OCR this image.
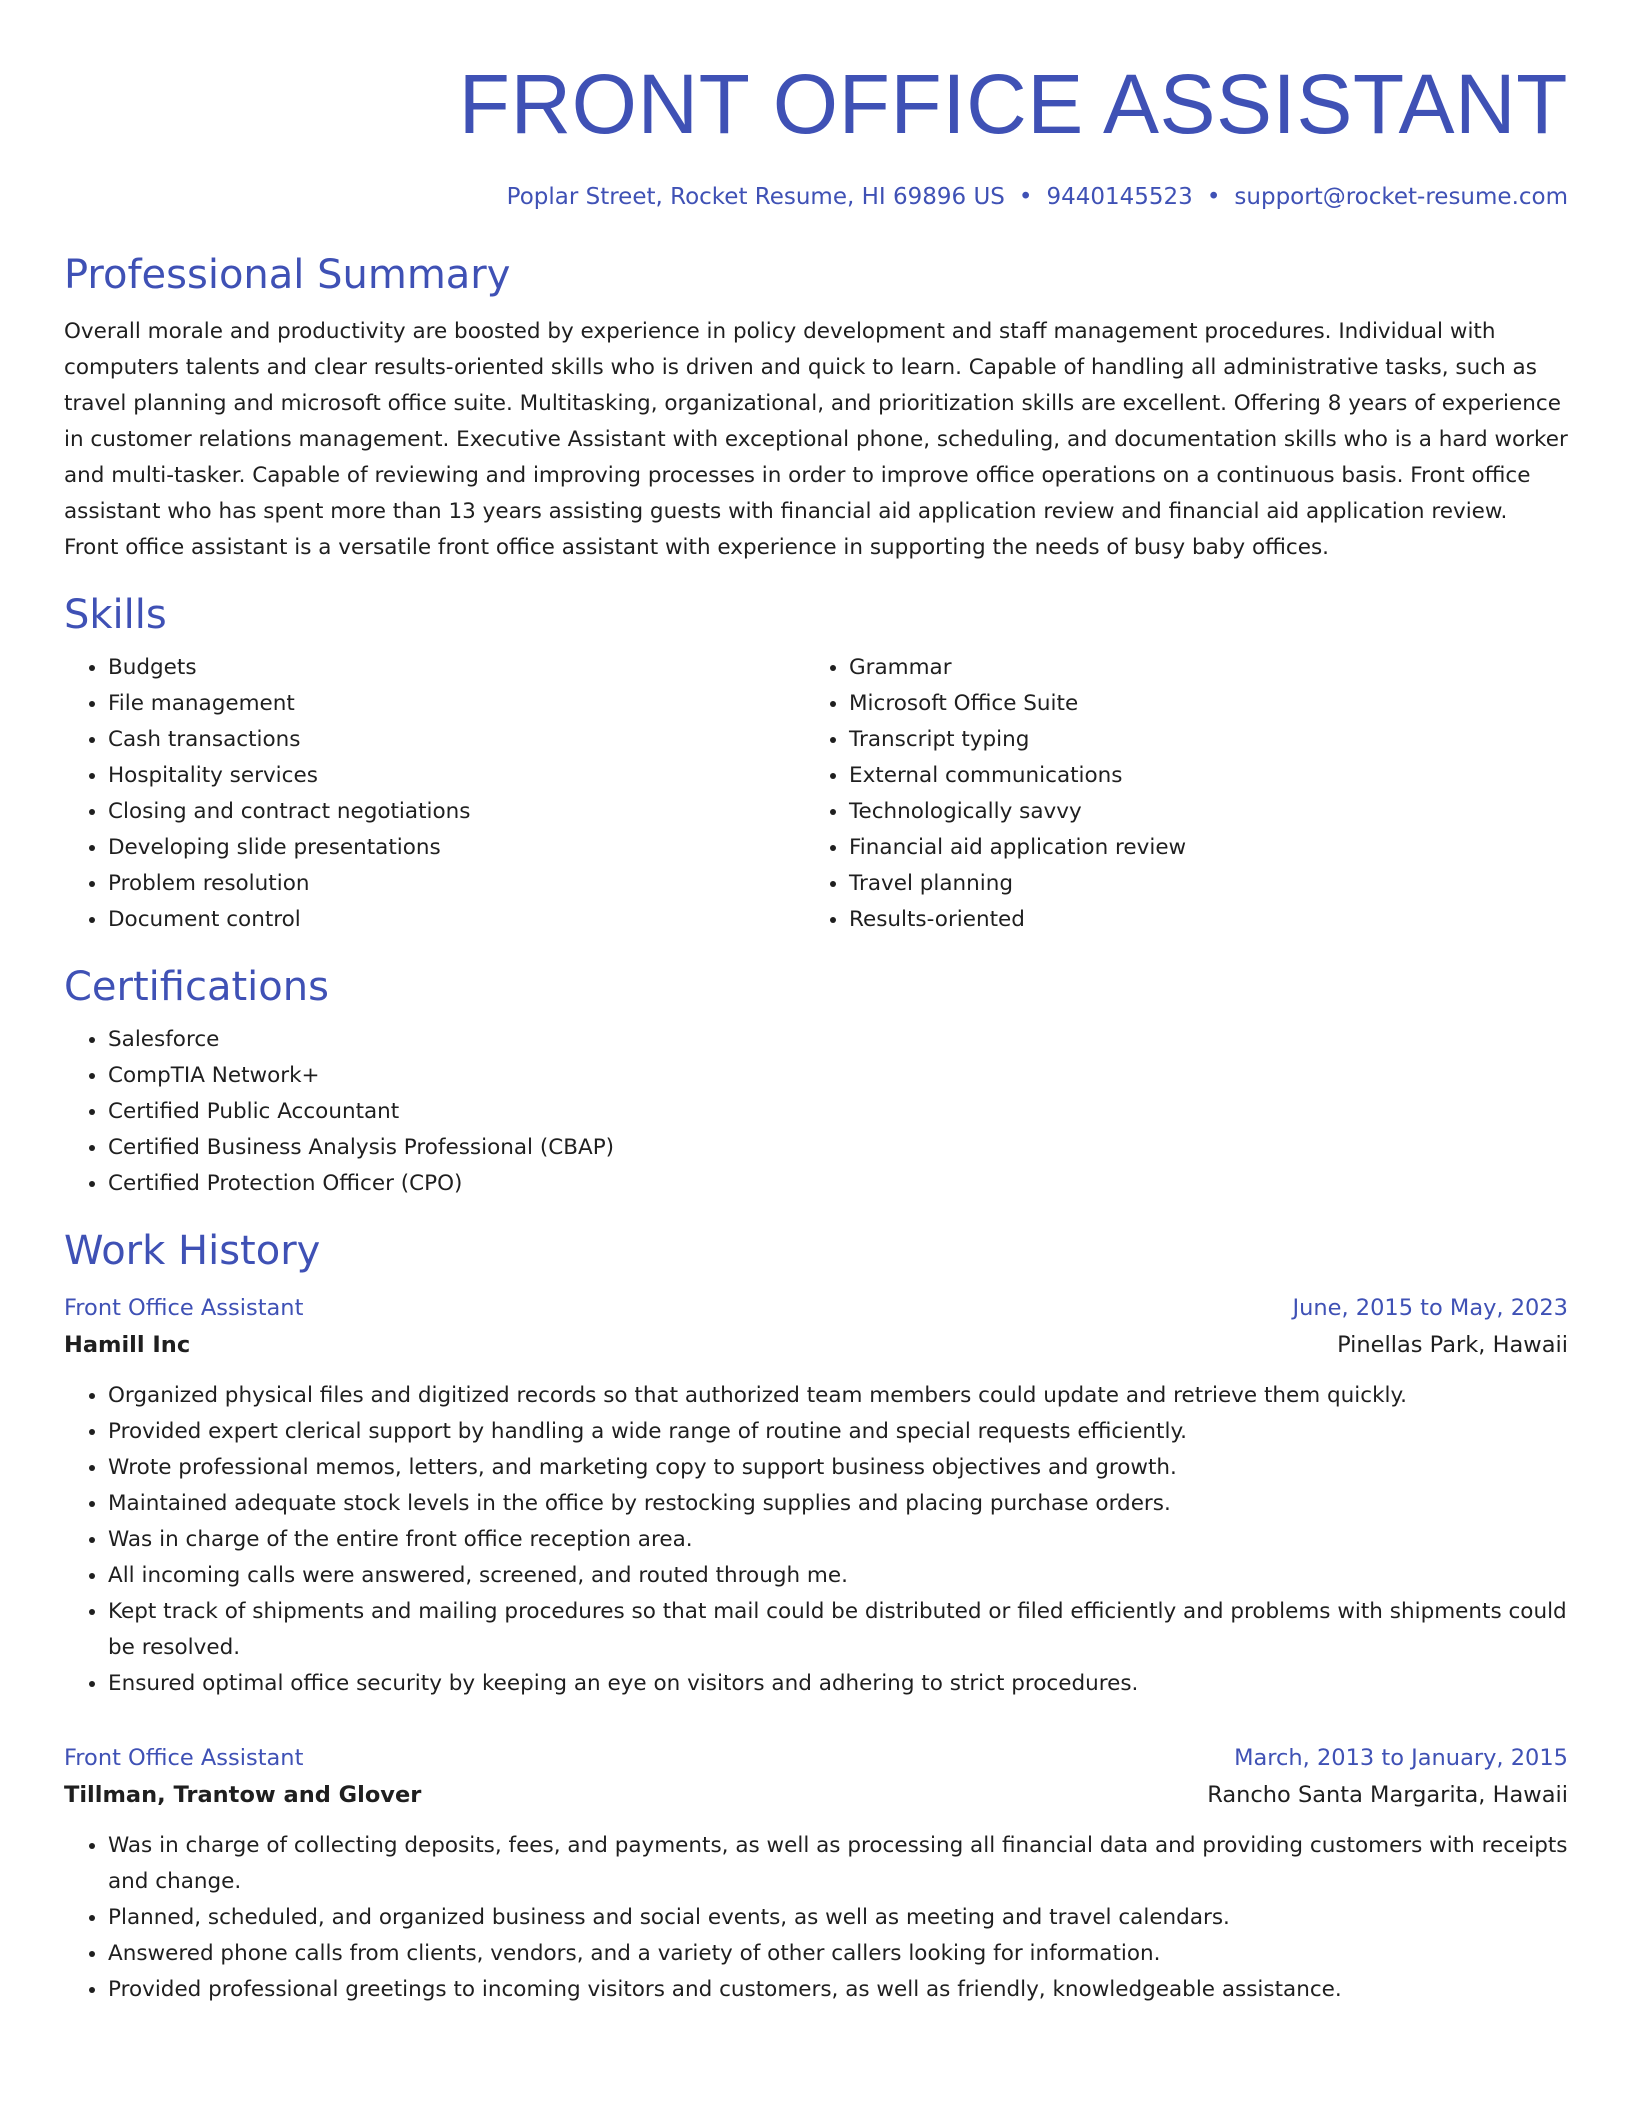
FRONT OFFICE ASSISTANT
Poplar Street, Rocket Resume, HI 69896 US • 9440145523 • support@rocket-resume.com
Professional Summary

Overall morale and productivity are boosted by experience in policy development and staff management procedures. Individual with computers talents and clear results-oriented skills who is driven and quick to learn. Capable of handling all administrative tasks, such as travel planning and microsoft office suite. Multitasking, organizational, and prioritization skills are excellent. Offering 8 years of experience in customer relations management. Executive Assistant with exceptional phone, scheduling, and documentation skills who is a hard worker and multi-tasker. Capable of reviewing and improving processes in order to improve office operations on a continuous basis. Front office assistant who has spent more than 13 years assisting guests with financial aid application review and financial aid application review. Front office assistant is a versatile front office assistant with experience in supporting the needs of busy baby offices.

Skills
• Budgets
• File management
• Cash transactions
• Hospitality services
• Closing and contract negotiations
• Developing slide presentations
• Problem resolution
• Document control
• Grammar
• Microsoft Office Suite
• Transcript typing
• External communications
• Technologically savvy
• Financial aid application review
• Travel planning
• Results-oriented
Certifications
• Salesforce
• CompTIA Network+
• Certified Public Accountant
• Certified Business Analysis Professional (CBAP)
• Certified Protection Officer (CPO)
Work History
Front Office Assistant	June, 2015 to May, 2023
Hamill Inc	Pinellas Park, Hawaii
• Organized physical files and digitized records so that authorized team members could update and retrieve them quickly.
• Provided expert clerical support by handling a wide range of routine and special requests efficiently.
• Wrote professional memos, letters, and marketing copy to support business objectives and growth.
• Maintained adequate stock levels in the office by restocking supplies and placing purchase orders.
• Was in charge of the entire front office reception area.
• All incoming calls were answered, screened, and routed through me.
• Kept track of shipments and mailing procedures so that mail could be distributed or filed efficiently and problems with shipments could be resolved.
• Ensured optimal office security by keeping an eye on visitors and adhering to strict procedures.
Front Office Assistant	March, 2013 to January, 2015
Tillman, Trantow and Glover	Rancho Santa Margarita, Hawaii
• Was in charge of collecting deposits, fees, and payments, as well as processing all financial data and providing customers with receipts and change.
• Planned, scheduled, and organized business and social events, as well as meeting and travel calendars.
• Answered phone calls from clients, vendors, and a variety of other callers looking for information.
• Provided professional greetings to incoming visitors and customers, as well as friendly, knowledgeable assistance.
